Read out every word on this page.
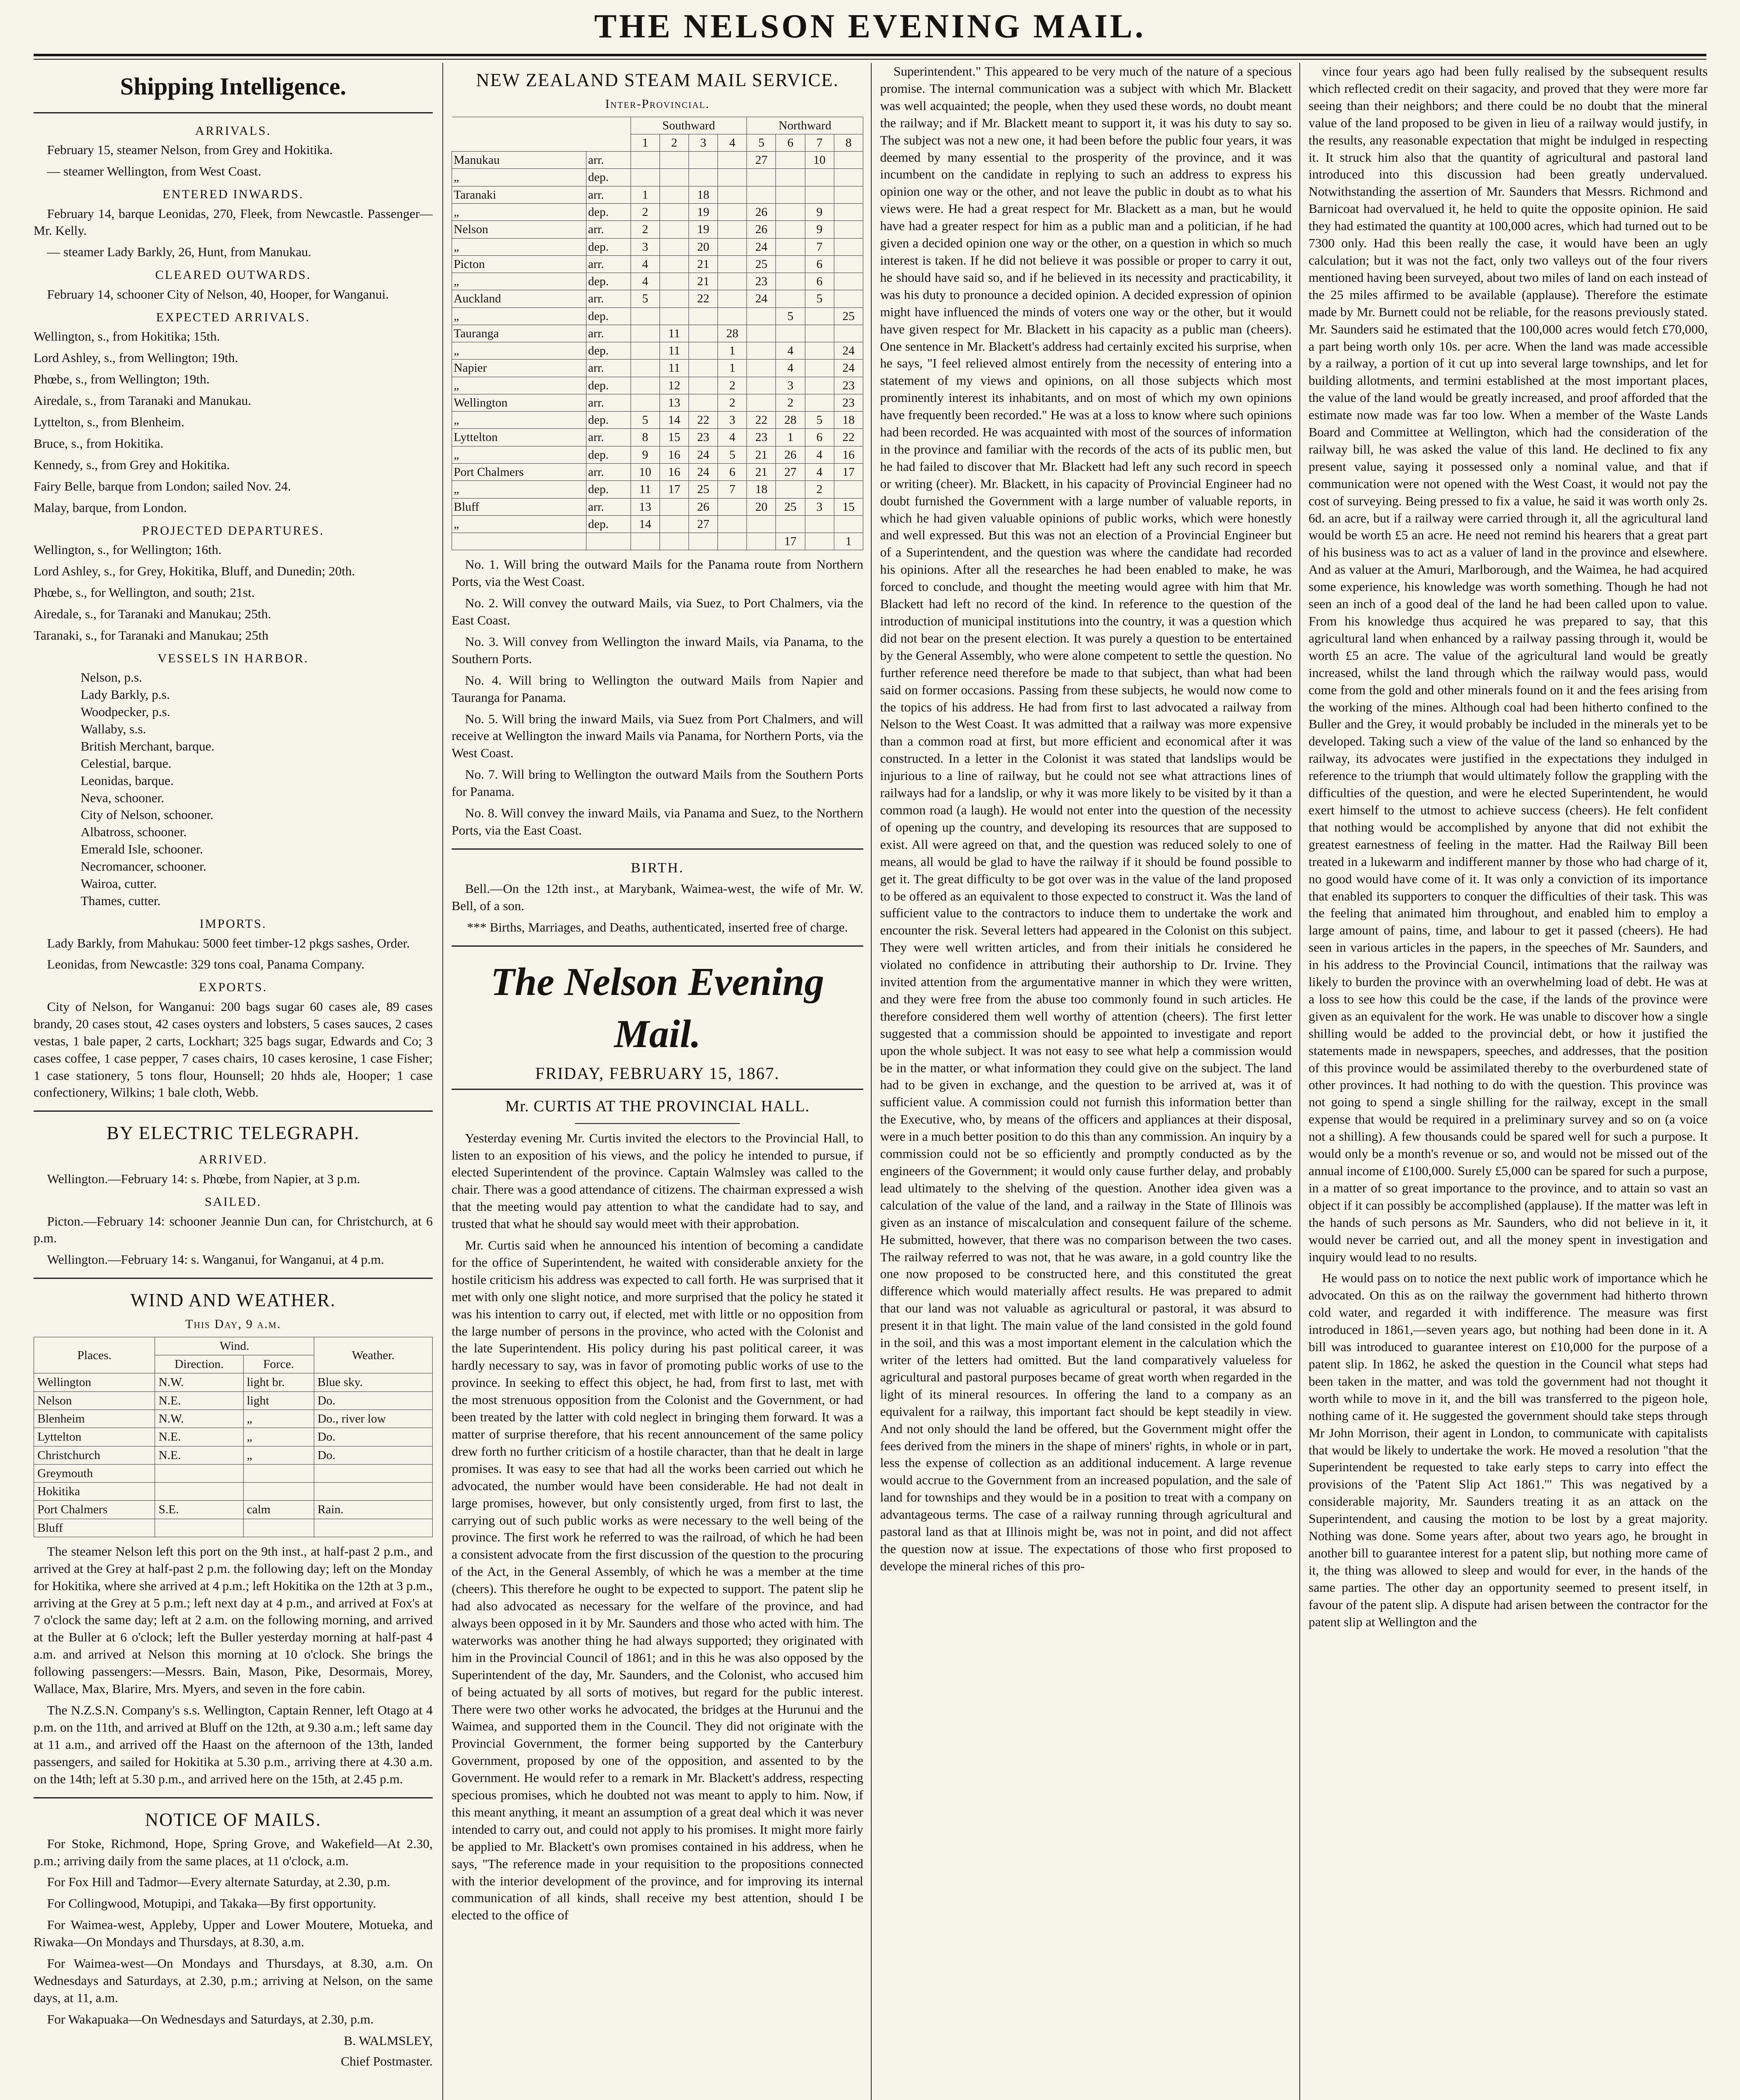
THE NELSON EVENING MAIL.
Shipping Intelligence.
ARRIVALS.

February 15, steamer Nelson, from Grey and Hokitika.

— steamer Wellington, from West Coast.

ENTERED INWARDS.

February 14, barque Leonidas, 270, Fleek, from Newcastle. Passenger—Mr. Kelly.

— steamer Lady Barkly, 26, Hunt, from Manukau.

CLEARED OUTWARDS.

February 14, schooner City of Nelson, 40, Hooper, for Wanganui.

EXPECTED ARRIVALS.

Wellington, s., from Hokitika; 15th.

Lord Ashley, s., from Wellington; 19th.

Phœbe, s., from Wellington; 19th.

Airedale, s., from Taranaki and Manukau.

Lyttelton, s., from Blenheim.

Bruce, s., from Hokitika.

Kennedy, s., from Grey and Hokitika.

Fairy Belle, barque from London; sailed Nov. 24.

Malay, barque, from London.

PROJECTED DEPARTURES.

Wellington, s., for Wellington; 16th.

Lord Ashley, s., for Grey, Hokitika, Bluff, and Dunedin; 20th.

Phœbe, s., for Wellington, and south; 21st.

Airedale, s., for Taranaki and Manukau; 25th.

Taranaki, s., for Taranaki and Manukau; 25th

VESSELS IN HARBOR.

Nelson, p.s.

Lady Barkly, p.s.

Woodpecker, p.s.

Wallaby, s.s.

British Merchant, barque.

Celestial, barque.

Leonidas, barque.

Neva, schooner.

City of Nelson, schooner.

Albatross, schooner.

Emerald Isle, schooner.

Necromancer, schooner.

Wairoa, cutter.

Thames, cutter.

IMPORTS.

Lady Barkly, from Mahukau: 5000 feet timber-12 pkgs sashes, Order.

Leonidas, from Newcastle: 329 tons coal, Panama Company.

EXPORTS.

City of Nelson, for Wanganui: 200 bags sugar 60 cases ale, 89 cases brandy, 20 cases stout, 42 cases oysters and lobsters, 5 cases sauces, 2 cases vestas, 1 bale paper, 2 carts, Lockhart; 325 bags sugar, Edwards and Co; 3 cases coffee, 1 case pepper, 7 cases chairs, 10 cases kerosine, 1 case Fisher; 1 case stationery, 5 tons flour, Hounsell; 20 hhds ale, Hooper; 1 case confectionery, Wilkins; 1 bale cloth, Webb.

BY ELECTRIC TELEGRAPH.
ARRIVED.

Wellington.—February 14: s. Phœbe, from Napier, at 3 p.m.

SAILED.

Picton.—February 14: schooner Jeannie Dun can, for Christchurch, at 6 p.m.

Wellington.—February 14: s. Wanganui, for Wanganui, at 4 p.m.

WIND AND WEATHER.
This Day, 9 a.m.
Places.	Wind.		Weather.
	Direction.	Force.	
Wellington	N.W.	light br.	Blue sky.
Nelson	N.E.	light	Do.
Blenheim	N.W.	„	Do., river low
Lyttelton	N.E.	„	Do.
Christchurch	N.E.	„	Do.
Greymouth			
Hokitika			
Port Chalmers	S.E.	calm	Rain.
Bluff			

The steamer Nelson left this port on the 9th inst., at half-past 2 p.m., and arrived at the Grey at half-past 2 p.m. the following day; left on the Monday for Hokitika, where she arrived at 4 p.m.; left Hokitika on the 12th at 3 p.m., arriving at the Grey at 5 p.m.; left next day at 4 p.m., and arrived at Fox's at 7 o'clock the same day; left at 2 a.m. on the following morning, and arrived at the Buller at 6 o'clock; left the Buller yesterday morning at half-past 4 a.m. and arrived at Nelson this morning at 10 o'clock. She brings the following passengers:—Messrs. Bain, Mason, Pike, Desormais, Morey, Wallace, Max, Blarire, Mrs. Myers, and seven in the fore cabin.

The N.Z.S.N. Company's s.s. Wellington, Captain Renner, left Otago at 4 p.m. on the 11th, and arrived at Bluff on the 12th, at 9.30 a.m.; left same day at 11 a.m., and arrived off the Haast on the afternoon of the 13th, landed passengers, and sailed for Hokitika at 5.30 p.m., arriving there at 4.30 a.m. on the 14th; left at 5.30 p.m., and arrived here on the 15th, at 2.45 p.m.

NOTICE OF MAILS.

For Stoke, Richmond, Hope, Spring Grove, and Wakefield—At 2.30, p.m.; arriving daily from the same places, at 11 o'clock, a.m.

For Fox Hill and Tadmor—Every alternate Saturday, at 2.30, p.m.

For Collingwood, Motupipi, and Takaka—By first opportunity.

For Waimea-west, Appleby, Upper and Lower Moutere, Motueka, and Riwaka—On Mondays and Thursdays, at 8.30, a.m.

For Waimea-west—On Mondays and Thursdays, at 8.30, a.m. On Wednesdays and Saturdays, at 2.30, p.m.; arriving at Nelson, on the same days, at 11, a.m.

For Wakapuaka—On Wednesdays and Saturdays, at 2.30, p.m.

B. WALMSLEY,
Chief Postmaster.
NEW ZEALAND STEAM MAIL SERVICE.
Inter-Provincial.
		Southward				Northward			
		1	2	3	4	5	6	7	8
Manukau	arr.					27		10	
„	dep.								
Taranaki	arr.	1		18					
„	dep.	2		19		26		9	
Nelson	arr.	2		19		26		9	
„	dep.	3		20		24		7	
Picton	arr.	4		21		25		6	
„	dep.	4		21		23		6	
Auckland	arr.	5		22		24		5	
„	dep.						5		25
Tauranga	arr.		11		28				
„	dep.		11		1		4		24
Napier	arr.		11		1		4		24
„	dep.		12		2		3		23
Wellington	arr.		13		2		2		23
„	dep.	5	14	22	3	22	28	5	18
Lyttelton	arr.	8	15	23	4	23	1	6	22
„	dep.	9	16	24	5	21	26	4	16
Port Chalmers	arr.	10	16	24	6	21	27	4	17
„	dep.	11	17	25	7	18		2	
Bluff	arr.	13		26		20	25	3	15
„	dep.	14		27					
							17		1

No. 1. Will bring the outward Mails for the Panama route from Northern Ports, via the West Coast.

No. 2. Will convey the outward Mails, via Suez, to Port Chalmers, via the East Coast.

No. 3. Will convey from Wellington the inward Mails, via Panama, to the Southern Ports.

No. 4. Will bring to Wellington the outward Mails from Napier and Tauranga for Panama.

No. 5. Will bring the inward Mails, via Suez from Port Chalmers, and will receive at Wellington the inward Mails via Panama, for Northern Ports, via the West Coast.

No. 7. Will bring to Wellington the outward Mails from the Southern Ports for Panama.

No. 8. Will convey the inward Mails, via Panama and Suez, to the Northern Ports, via the East Coast.

BIRTH.

Bell.—On the 12th inst., at Marybank, Waimea-west, the wife of Mr. W. Bell, of a son.

*** Births, Marriages, and Deaths, authenticated, inserted free of charge.

The Nelson Evening Mail.
FRIDAY, FEBRUARY 15, 1867.
Mr. CURTIS AT THE PROVINCIAL HALL.

Yesterday evening Mr. Curtis invited the electors to the Provincial Hall, to listen to an exposition of his views, and the policy he intended to pursue, if elected Superintendent of the province. Captain Walmsley was called to the chair. There was a good attendance of citizens. The chairman expressed a wish that the meeting would pay attention to what the candidate had to say, and trusted that what he should say would meet with their approbation.

Mr. Curtis said when he announced his intention of becoming a candidate for the office of Superintendent, he waited with considerable anxiety for the hostile criticism his address was expected to call forth. He was surprised that it met with only one slight notice, and more surprised that the policy he stated it was his intention to carry out, if elected, met with little or no opposition from the large number of persons in the province, who acted with the Colonist and the late Superintendent. His policy during his past political career, it was hardly necessary to say, was in favor of promoting public works of use to the province. In seeking to effect this object, he had, from first to last, met with the most strenuous opposition from the Colonist and the Government, or had been treated by the latter with cold neglect in bringing them forward. It was a matter of surprise therefore, that his recent announcement of the same policy drew forth no further criticism of a hostile character, than that he dealt in large promises. It was easy to see that had all the works been carried out which he advocated, the number would have been considerable. He had not dealt in large promises, however, but only consistently urged, from first to last, the carrying out of such public works as were necessary to the well being of the province. The first work he referred to was the railroad, of which he had been a consistent advocate from the first discussion of the question to the procuring of the Act, in the General Assembly, of which he was a member at the time (cheers). This therefore he ought to be expected to support. The patent slip he had also advocated as necessary for the welfare of the province, and had always been opposed in it by Mr. Saunders and those who acted with him. The waterworks was another thing he had always supported; they originated with him in the Provincial Council of 1861; and in this he was also opposed by the Superintendent of the day, Mr. Saunders, and the Colonist, who accused him of being actuated by all sorts of motives, but regard for the public interest. There were two other works he advocated, the bridges at the Hurunui and the Waimea, and supported them in the Council. They did not originate with the Provincial Government, the former being supported by the Canterbury Government, proposed by one of the opposition, and assented to by the Government. He would refer to a remark in Mr. Blackett's address, respecting specious promises, which he doubted not was meant to apply to him. Now, if this meant anything, it meant an assumption of a great deal which it was never intended to carry out, and could not apply to his promises. It might more fairly be applied to Mr. Blackett's own promises contained in his address, when he says, "The reference made in your requisition to the propositions connected with the interior development of the province, and for improving its internal communication of all kinds, shall receive my best attention, should I be elected to the office of

Superintendent." This appeared to be very much of the nature of a specious promise. The internal communication was a subject with which Mr. Blackett was well acquainted; the people, when they used these words, no doubt meant the railway; and if Mr. Blackett meant to support it, it was his duty to say so. The subject was not a new one, it had been before the public four years, it was deemed by many essential to the prosperity of the province, and it was incumbent on the candidate in replying to such an address to express his opinion one way or the other, and not leave the public in doubt as to what his views were. He had a great respect for Mr. Blackett as a man, but he would have had a greater respect for him as a public man and a politician, if he had given a decided opinion one way or the other, on a question in which so much interest is taken. If he did not believe it was possible or proper to carry it out, he should have said so, and if he believed in its necessity and practicability, it was his duty to pronounce a decided opinion. A decided expression of opinion might have influenced the minds of voters one way or the other, but it would have given respect for Mr. Blackett in his capacity as a public man (cheers). One sentence in Mr. Blackett's address had certainly excited his surprise, when he says, "I feel relieved almost entirely from the necessity of entering into a statement of my views and opinions, on all those subjects which most prominently interest its inhabitants, and on most of which my own opinions have frequently been recorded." He was at a loss to know where such opinions had been recorded. He was acquainted with most of the sources of information in the province and familiar with the records of the acts of its public men, but he had failed to discover that Mr. Blackett had left any such record in speech or writing (cheer). Mr. Blackett, in his capacity of Provincial Engineer had no doubt furnished the Government with a large number of valuable reports, in which he had given valuable opinions of public works, which were honestly and well expressed. But this was not an election of a Provincial Engineer but of a Superintendent, and the question was where the candidate had recorded his opinions. After all the researches he had been enabled to make, he was forced to conclude, and thought the meeting would agree with him that Mr. Blackett had left no record of the kind. In reference to the question of the introduction of municipal institutions into the country, it was a question which did not bear on the present election. It was purely a question to be entertained by the General Assembly, who were alone competent to settle the question. No further reference need therefore be made to that subject, than what had been said on former occasions. Passing from these subjects, he would now come to the topics of his address. He had from first to last advocated a railway from Nelson to the West Coast. It was admitted that a railway was more expensive than a common road at first, but more efficient and economical after it was constructed. In a letter in the Colonist it was stated that landslips would be injurious to a line of railway, but he could not see what attractions lines of railways had for a landslip, or why it was more likely to be visited by it than a common road (a laugh). He would not enter into the question of the necessity of opening up the country, and developing its resources that are supposed to exist. All were agreed on that, and the question was reduced solely to one of means, all would be glad to have the railway if it should be found possible to get it. The great difficulty to be got over was in the value of the land proposed to be offered as an equivalent to those expected to construct it. Was the land of sufficient value to the contractors to induce them to undertake the work and encounter the risk. Several letters had appeared in the Colonist on this subject. They were well written articles, and from their initials he considered he violated no confidence in attributing their authorship to Dr. Irvine. They invited attention from the argumentative manner in which they were written, and they were free from the abuse too commonly found in such articles. He therefore considered them well worthy of attention (cheers). The first letter suggested that a commission should be appointed to investigate and report upon the whole subject. It was not easy to see what help a commission would be in the matter, or what information they could give on the subject. The land had to be given in exchange, and the question to be arrived at, was it of sufficient value. A commission could not furnish this information better than the Executive, who, by means of the officers and appliances at their disposal, were in a much better position to do this than any commission. An inquiry by a commission could not be so efficiently and promptly conducted as by the engineers of the Government; it would only cause further delay, and probably lead ultimately to the shelving of the question. Another idea given was a calculation of the value of the land, and a railway in the State of Illinois was given as an instance of miscalculation and consequent failure of the scheme. He submitted, however, that there was no comparison between the two cases. The railway referred to was not, that he was aware, in a gold country like the one now proposed to be constructed here, and this constituted the great difference which would materially affect results. He was prepared to admit that our land was not valuable as agricultural or pastoral, it was absurd to present it in that light. The main value of the land consisted in the gold found in the soil, and this was a most important element in the calculation which the writer of the letters had omitted. But the land comparatively valueless for agricultural and pastoral purposes became of great worth when regarded in the light of its mineral resources. In offering the land to a company as an equivalent for a railway, this important fact should be kept steadily in view. And not only should the land be offered, but the Government might offer the fees derived from the miners in the shape of miners' rights, in whole or in part, less the expense of collection as an additional inducement. A large revenue would accrue to the Government from an increased population, and the sale of land for townships and they would be in a position to treat with a company on advantageous terms. The case of a railway running through agricultural and pastoral land as that at Illinois might be, was not in point, and did not affect the question now at issue. The expectations of those who first proposed to develope the mineral riches of this pro-

vince four years ago had been fully realised by the subsequent results which reflected credit on their sagacity, and proved that they were more far seeing than their neighbors; and there could be no doubt that the mineral value of the land proposed to be given in lieu of a railway would justify, in the results, any reasonable expectation that might be indulged in respecting it. It struck him also that the quantity of agricultural and pastoral land introduced into this discussion had been greatly undervalued. Notwithstanding the assertion of Mr. Saunders that Messrs. Richmond and Barnicoat had overvalued it, he held to quite the opposite opinion. He said they had estimated the quantity at 100,000 acres, which had turned out to be 7300 only. Had this been really the case, it would have been an ugly calculation; but it was not the fact, only two valleys out of the four rivers mentioned having been surveyed, about two miles of land on each instead of the 25 miles affirmed to be available (applause). Therefore the estimate made by Mr. Burnett could not be reliable, for the reasons previously stated. Mr. Saunders said he estimated that the 100,000 acres would fetch £70,000, a part being worth only 10s. per acre. When the land was made accessible by a railway, a portion of it cut up into several large townships, and let for building allotments, and termini established at the most important places, the value of the land would be greatly increased, and proof afforded that the estimate now made was far too low. When a member of the Waste Lands Board and Committee at Wellington, which had the consideration of the railway bill, he was asked the value of this land. He declined to fix any present value, saying it possessed only a nominal value, and that if communication were not opened with the West Coast, it would not pay the cost of surveying. Being pressed to fix a value, he said it was worth only 2s. 6d. an acre, but if a railway were carried through it, all the agricultural land would be worth £5 an acre. He need not remind his hearers that a great part of his business was to act as a valuer of land in the province and elsewhere. And as valuer at the Amuri, Marlborough, and the Waimea, he had acquired some experience, his knowledge was worth something. Though he had not seen an inch of a good deal of the land he had been called upon to value. From his knowledge thus acquired he was prepared to say, that this agricultural land when enhanced by a railway passing through it, would be worth £5 an acre. The value of the agricultural land would be greatly increased, whilst the land through which the railway would pass, would come from the gold and other minerals found on it and the fees arising from the working of the mines. Although coal had been hitherto confined to the Buller and the Grey, it would probably be included in the minerals yet to be developed. Taking such a view of the value of the land so enhanced by the railway, its advocates were justified in the expectations they indulged in reference to the triumph that would ultimately follow the grappling with the difficulties of the question, and were he elected Superintendent, he would exert himself to the utmost to achieve success (cheers). He felt confident that nothing would be accomplished by anyone that did not exhibit the greatest earnestness of feeling in the matter. Had the Railway Bill been treated in a lukewarm and indifferent manner by those who had charge of it, no good would have come of it. It was only a conviction of its importance that enabled its supporters to conquer the difficulties of their task. This was the feeling that animated him throughout, and enabled him to employ a large amount of pains, time, and labour to get it passed (cheers). He had seen in various articles in the papers, in the speeches of Mr. Saunders, and in his address to the Provincial Council, intimations that the railway was likely to burden the province with an overwhelming load of debt. He was at a loss to see how this could be the case, if the lands of the province were given as an equivalent for the work. He was unable to discover how a single shilling would be added to the provincial debt, or how it justified the statements made in newspapers, speeches, and addresses, that the position of this province would be assimilated thereby to the overburdened state of other provinces. It had nothing to do with the question. This province was not going to spend a single shilling for the railway, except in the small expense that would be required in a preliminary survey and so on (a voice not a shilling). A few thousands could be spared well for such a purpose. It would only be a month's revenue or so, and would not be missed out of the annual income of £100,000. Surely £5,000 can be spared for such a purpose, in a matter of so great importance to the province, and to attain so vast an object if it can possibly be accomplished (applause). If the matter was left in the hands of such persons as Mr. Saunders, who did not believe in it, it would never be carried out, and all the money spent in investigation and inquiry would lead to no results.

He would pass on to notice the next public work of importance which he advocated. On this as on the railway the government had hitherto thrown cold water, and regarded it with indifference. The measure was first introduced in 1861,—seven years ago, but nothing had been done in it. A bill was introduced to guarantee interest on £10,000 for the purpose of a patent slip. In 1862, he asked the question in the Council what steps had been taken in the matter, and was told the government had not thought it worth while to move in it, and the bill was transferred to the pigeon hole, nothing came of it. He suggested the government should take steps through Mr John Morrison, their agent in London, to communicate with capitalists that would be likely to undertake the work. He moved a resolution "that the Superintendent be requested to take early steps to carry into effect the provisions of the 'Patent Slip Act 1861.'" This was negatived by a considerable majority, Mr. Saunders treating it as an attack on the Superintendent, and causing the motion to be lost by a great majority. Nothing was done. Some years after, about two years ago, he brought in another bill to guarantee interest for a patent slip, but nothing more came of it, the thing was allowed to sleep and would for ever, in the hands of the same parties. The other day an opportunity seemed to present itself, in favour of the patent slip. A dispute had arisen between the contractor for the patent slip at Wellington and the
